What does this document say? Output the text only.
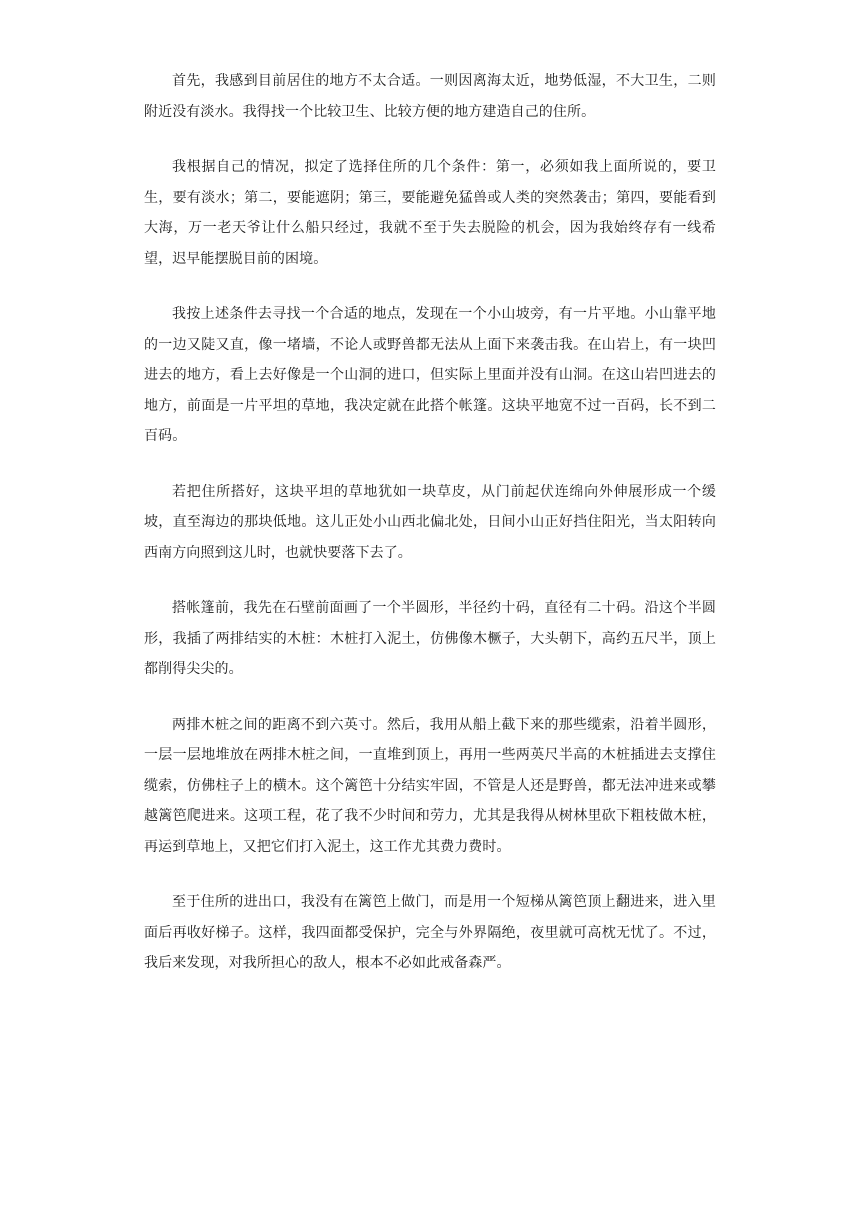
首先，我感到目前居住的地方不太合适。一则因离海太近，地势低湿，不大卫生，二则附近没有淡水。我得找一个比较卫生、比较方便的地方建造自己的住所。

我根据自己的情况，拟定了选择住所的几个条件：第一，必须如我上面所说的，要卫生，要有淡水；第二，要能遮阴；第三，要能避免猛兽或人类的突然袭击；第四，要能看到大海，万一老天爷让什么船只经过，我就不至于失去脱险的机会，因为我始终存有一线希望，迟早能摆脱目前的困境。

我按上述条件去寻找一个合适的地点，发现在一个小山坡旁，有一片平地。小山靠平地的一边又陡又直，像一堵墙，不论人或野兽都无法从上面下来袭击我。在山岩上，有一块凹进去的地方，看上去好像是一个山洞的进口，但实际上里面并没有山洞。在这山岩凹进去的地方，前面是一片平坦的草地，我决定就在此搭个帐篷。这块平地宽不过一百码，长不到二百码。

若把住所搭好，这块平坦的草地犹如一块草皮，从门前起伏连绵向外伸展形成一个缓坡，直至海边的那块低地。这儿正处小山西北偏北处，日间小山正好挡住阳光，当太阳转向西南方向照到这儿时，也就快要落下去了。

搭帐篷前，我先在石壁前面画了一个半圆形，半径约十码，直径有二十码。沿这个半圆形，我插了两排结实的木桩：木桩打入泥土，仿佛像木橛子，大头朝下，高约五尺半，顶上都削得尖尖的。

两排木桩之间的距离不到六英寸。然后，我用从船上截下来的那些缆索，沿着半圆形，一层一层地堆放在两排木桩之间，一直堆到顶上，再用一些两英尺半高的木桩插进去支撑住缆索，仿佛柱子上的横木。这个篱笆十分结实牢固，不管是人还是野兽，都无法冲进来或攀越篱笆爬进来。这项工程，花了我不少时间和劳力，尤其是我得从树林里砍下粗枝做木桩，再运到草地上，又把它们打入泥土，这工作尤其费力费时。

至于住所的进出口，我没有在篱笆上做门，而是用一个短梯从篱笆顶上翻进来，进入里面后再收好梯子。这样，我四面都受保护，完全与外界隔绝，夜里就可高枕无忧了。不过，我后来发现，对我所担心的敌人，根本不必如此戒备森严。
